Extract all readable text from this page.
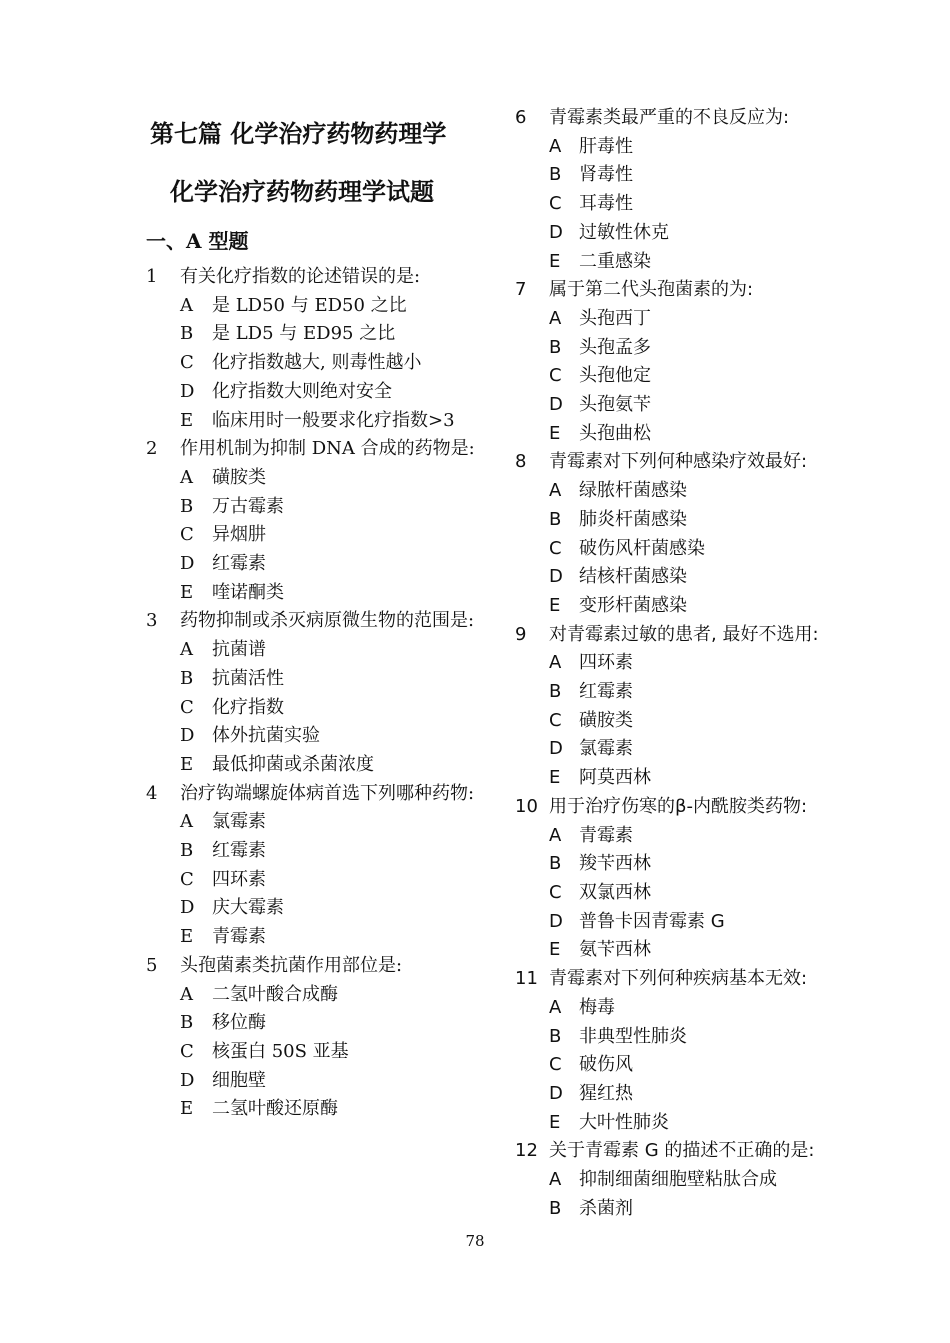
第七篇 化学治疗药物药理学
化学治疗药物药理学试题
一、A 型题
1	有关化疗指数的论述错误的是:
A	是 LD50 与 ED50 之比
B	是 LD5 与 ED95 之比
C	化疗指数越大, 则毒性越小
D 化疗指数大则绝对安全
E	临床用时一般要求化疗指数>3
2	作用机制为抑制 DNA 合成的药物是:
A	磺胺类
B	万古霉素
C	异烟肼
D 红霉素
E	喹诺酮类
3	药物抑制或杀灭病原微生物的范围是:
A	抗菌谱
B	抗菌活性
C	化疗指数
D 体外抗菌实验
E	最低抑菌或杀菌浓度
4	治疗钩端螺旋体病首选下列哪种药物:
A	氯霉素
B	红霉素
C	四环素
D 庆大霉素
E	青霉素
5	头孢菌素类抗菌作用部位是:
A	二氢叶酸合成酶
B	移位酶
C	核蛋白 50S 亚基
D 细胞壁
E	二氢叶酸还原酶
6	青霉素类最严重的不良反应为:
A 肝毒性
B 肾毒性
C 耳毒性
D 过敏性休克
E	二重感染
7	属于第二代头孢菌素的为:
A 头孢西丁
B 头孢孟多
C 头孢他定
D 头孢氨苄
E	头孢曲松
8	青霉素对下列何种感染疗效最好:
A 绿脓杆菌感染
B 肺炎杆菌感染
C 破伤风杆菌感染
D 结核杆菌感染
E	变形杆菌感染
9	对青霉素过敏的患者, 最好不选用:
A 四环素
B 红霉素
C 磺胺类
D 氯霉素
E	阿莫西林
10 用于治疗伤寒的β-内酰胺类药物:
A 青霉素
B 羧苄西林
C 双氯西林
D 普鲁卡因青霉素 G
E	氨苄西林
11 青霉素对下列何种疾病基本无效:
A 梅毒
B 非典型性肺炎
C 破伤风
D 猩红热
E	大叶性肺炎
12 关于青霉素 G 的描述不正确的是:
A 抑制细菌细胞壁粘肽合成
B 杀菌剂
78
